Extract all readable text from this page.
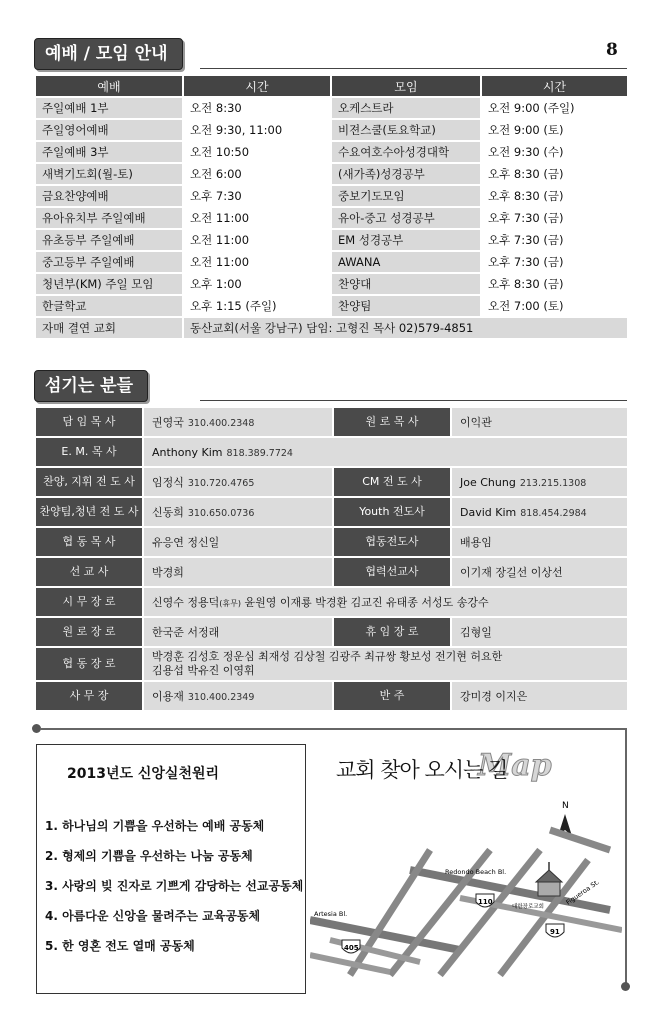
8
예배 / 모임 안내
예배	시간	모임	시간
주일예배 1부	오전 8:30	오케스트라	오전 9:00 (주일)
주일영어예배	오전 9:30, 11:00	비젼스쿨(토요학교)	오전 9:00 (토)
주일예배 3부	오전 10:50	수요여호수아성경대학	오전 9:30 (수)
새벽기도회(월-토)	오전 6:00	(새가족)성경공부	오후 8:30 (금)
금요찬양예배	오후 7:30	중보기도모임	오후 8:30 (금)
유아유치부 주일예배	오전 11:00	유아-중고 성경공부	오후 7:30 (금)
유초등부 주일예배	오전 11:00	EM 성경공부	오후 7:30 (금)
중고등부 주일예배	오전 11:00	AWANA	오후 7:30 (금)
청년부(KM) 주일 모임	오후 1:00	찬양대	오후 8:30 (금)
한글학교	오후 1:15 (주일)	찬양팀	오전 7:00 (토)
자매 결연 교회	동산교회(서울 강남구) 담임: 고형진 목사 02)579-4851		
섬기는 분들
담 임 목 사	권영국 310.400.2348	원 로 목 사	이익관
E. M. 목 사	Anthony Kim 818.389.7724		
찬양, 지휘 전 도 사	임정식 310.720.4765	CM 전 도 사	Joe Chung 213.215.1308
찬양팀,청년 전 도 사	신동희 310.650.0736	Youth 전도사	David Kim 818.454.2984
협 동 목 사	유응연 정신일	협동전도사	배용임
선 교 사	박경희	협력선교사	이기재 장길선 이상선
시 무 장 로	신영수 정용덕(휴무) 윤원영 이재룡 박경환 김교진 유태종 서성도 송강수		
원 로 장 로	한국준 서정래	휴 임 장 로	김형일
협 동 장 로	박경훈 김성호 정운심 최재성 김상철 김광주 최규쌍 황보성 전기현 허요한
김용섭 박유진 이영휘		

사 무 장	이용재 310.400.2349	반 주	강미경 이지은
2013년도 신앙실천원리
1. 하나님의 기쁨을 우선하는 예배 공동체
2. 형제의 기쁨을 우선하는 나눔 공동체
3. 사랑의 빚 진자로 기쁘게 감당하는 선교공동체
4. 아름다운 신앙을 물려주는 교육공동체
5. 한 영혼 전도 열매 공동체
Map
교회 찾아 오시는 길
N
Redondo Beach Bl.
Figueroa St.
Artesia Bl.
110
91
405
대한장로교회
